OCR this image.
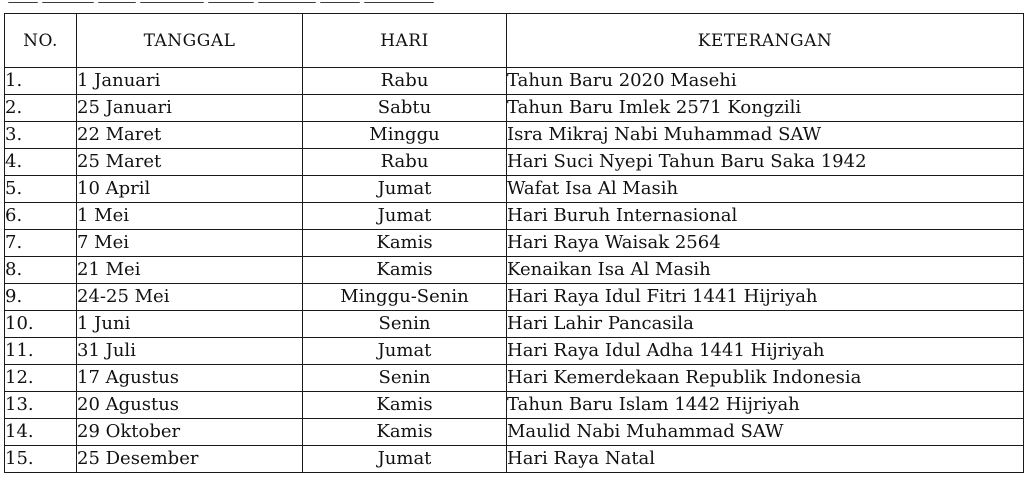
NO.	TANGGAL	HARI	KETERANGAN
1.	1 Januari	Rabu	Tahun Baru 2020 Masehi
2.	25 Januari	Sabtu	Tahun Baru Imlek 2571 Kongzili
3.	22 Maret	Minggu	Isra Mikraj Nabi Muhammad SAW
4.	25 Maret	Rabu	Hari Suci Nyepi Tahun Baru Saka 1942
5.	10 April	Jumat	Wafat Isa Al Masih
6.	1 Mei	Jumat	Hari Buruh Internasional
7.	7 Mei	Kamis	Hari Raya Waisak 2564
8.	21 Mei	Kamis	Kenaikan Isa Al Masih
9.	24-25 Mei	Minggu-Senin	Hari Raya Idul Fitri 1441 Hijriyah
10.	1 Juni	Senin	Hari Lahir Pancasila
11.	31 Juli	Jumat	Hari Raya Idul Adha 1441 Hijriyah
12.	17 Agustus	Senin	Hari Kemerdekaan Republik Indonesia
13.	20 Agustus	Kamis	Tahun Baru Islam 1442 Hijriyah
14.	29 Oktober	Kamis	Maulid Nabi Muhammad SAW
15.	25 Desember	Jumat	Hari Raya Natal
